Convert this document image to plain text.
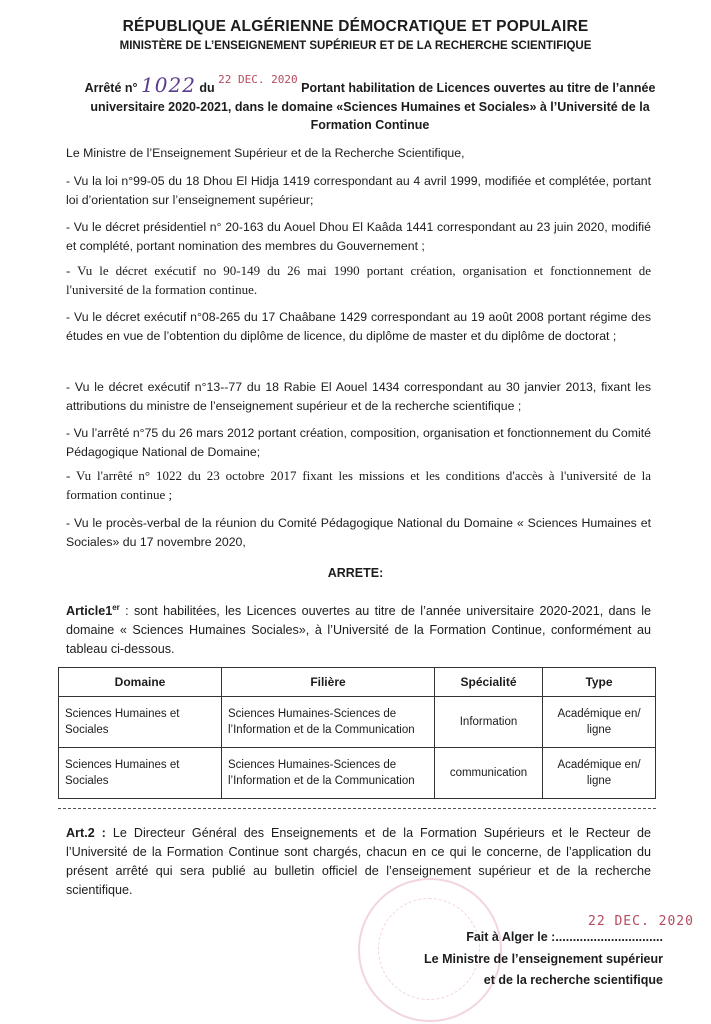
RÉPUBLIQUE ALGÉRIENNE DÉMOCRATIQUE ET POPULAIRE
MINISTÈRE DE L’ENSEIGNEMENT SUPÉRIEUR ET DE LA RECHERCHE SCIENTIFIQUE
Arrêté n° 1022 du 22 DEC. 2020 Portant habilitation de Licences ouvertes au titre de l’année universitaire 2020-2021, dans le domaine «Sciences Humaines et Sociales» à l’Université de la Formation Continue
Le Ministre de l’Enseignement Supérieur et de la Recherche Scientifique,
- Vu la loi n°99-05 du 18 Dhou El Hidja 1419 correspondant au 4 avril 1999, modifiée et complétée, portant loi d’orientation sur l’enseignement supérieur;
- Vu le décret présidentiel n° 20-163 du Aouel Dhou El Kaâda 1441 correspondant au 23 juin 2020, modifié et complété, portant nomination des membres du Gouvernement ;
- Vu le décret exécutif no 90-149 du 26 mai 1990 portant création, organisation et fonctionnement de l'université de la formation continue.
- Vu le décret exécutif n°08-265 du 17 Chaâbane 1429 correspondant au 19 août 2008 portant régime des études en vue de l’obtention du diplôme de licence, du diplôme de master et du diplôme de doctorat ;
- Vu le décret exécutif n°13--77 du 18 Rabie El Aouel 1434 correspondant au 30 janvier 2013, fixant les attributions du ministre de l’enseignement supérieur et de la recherche scientifique ;
- Vu l’arrêté n°75 du 26 mars 2012 portant création, composition, organisation et fonctionnement du Comité Pédagogique National de Domaine;
- Vu l'arrêté n° 1022 du 23 octobre 2017 fixant les missions et les conditions d'accès à l'université de la formation continue ;
- Vu le procès-verbal de la réunion du Comité Pédagogique National du Domaine « Sciences Humaines et Sociales» du 17 novembre 2020,
ARRETE:
Article1er : sont habilitées, les Licences ouvertes au titre de l’année universitaire 2020-2021, dans le domaine « Sciences Humaines Sociales», à l’Université de la Formation Continue, conformément au tableau ci-dessous.
Domaine	Filière	Spécialité	Type
Sciences Humaines et Sociales	Sciences Humaines-Sciences de l’Information et de la Communication	Information	Académique en/ ligne
Sciences Humaines et Sociales	Sciences Humaines-Sciences de l’Information et de la Communication	communication	Académique en/ ligne
Art.2 : Le Directeur Général des Enseignements et de la Formation Supérieurs et le Recteur de l’Université de la Formation Continue sont chargés, chacun en ce qui le concerne, de l’application du présent arrêté qui sera publié au bulletin officiel de l’enseignement supérieur et de la recherche scientifique.
22 DEC. 2020
Fait à Alger le :...............................
Le Ministre de l’enseignement supérieur
et de la recherche scientifique
